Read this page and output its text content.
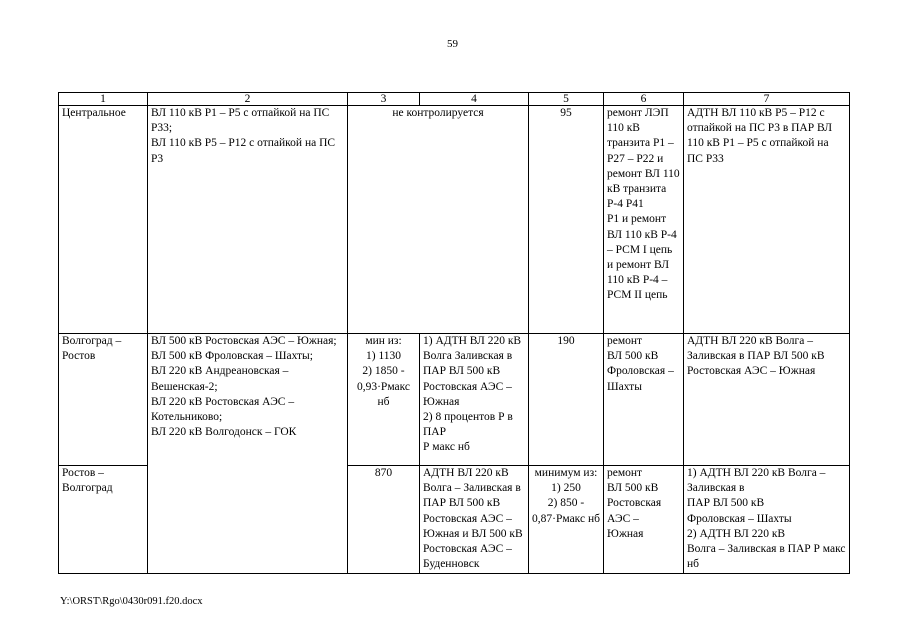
59
1	2	3	4	5	6	7
Центральное	ВЛ 110 кВ Р1 – Р5 с отпайкой на ПС Р33;
ВЛ 110 кВ Р5 – Р12 с отпайкой на ПС Р3	не контролируется		95	ремонт ЛЭП 110 кВ транзита Р1 – Р27 – Р22 и ремонт ВЛ 110 кВ транзита
Р-4 Р41
Р1 и ремонт ВЛ 110 кВ Р-4 – РСМ I цепь и ремонт ВЛ 110 кВ Р-4 – РСМ II цепь	АДТН ВЛ 110 кВ Р5 – Р12 с отпайкой на ПС Р3 в ПАР ВЛ 110 кВ Р1 – Р5 с отпайкой на ПС Р33
Волгоград – Ростов	ВЛ 500 кВ Ростовская АЭС – Южная;
ВЛ 500 кВ Фроловская – Шахты;
ВЛ 220 кВ Андреановская – Вешенская-2;
ВЛ 220 кВ Ростовская АЭС – Котельниково;
ВЛ 220 кВ Волгодонск – ГОК	мин из:
1) 1130
2) 1850 -
0,93·Pмакс нб	1) АДТН ВЛ 220 кВ Волга Заливская в ПАР ВЛ 500 кВ Ростовская АЭС – Южная
2) 8 процентов Р в ПАР
Р макс нб	190	ремонт
ВЛ 500 кВ Фроловская – Шахты	АДТН ВЛ 220 кВ Волга – Заливская в ПАР ВЛ 500 кВ Ростовская АЭС – Южная
Ростов – Волгоград		870	АДТН ВЛ 220 кВ Волга – Заливская в ПАР ВЛ 500 кВ Ростовская АЭС – Южная и ВЛ 500 кВ Ростовская АЭС – Буденновск	минимум из:
1) 250
2) 850 -
0,87·Pмакс нб	ремонт
ВЛ 500 кВ Ростовская АЭС –
Южная	1) АДТН ВЛ 220 кВ Волга – Заливская в
ПАР ВЛ 500 кВ
Фроловская – Шахты
2) АДТН ВЛ 220 кВ
Волга – Заливская в ПАР Р макс нб
Y:\ORST\Rgo\0430r091.f20.docx
